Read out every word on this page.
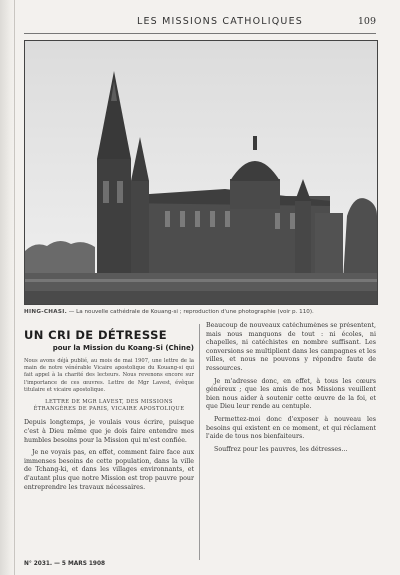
LES MISSIONS CATHOLIQUES	109
HING-CHASI. — La nouvelle cathédrale de Kouang-si ; reproduction d'une photographie (voir p. 110).
UN CRI DE DÉTRESSE
pour la Mission du Koang-Si (Chine)

Nous avons déjà publié, au mois de mai 1907, une lettre de la main de notre vénérable Vicaire apostolique du Kouang-si qui fait appel à la charité des lecteurs. Nous revenons encore sur l'importance de ces œuvres. Lettre de Mgr Lavest, évêque titulaire et vicaire apostolique.

LETTRE DE MGR LAVEST, DES MISSIONS ÉTRANGÈRES DE PARIS, VICAIRE APOSTOLIQUE

Depuis longtemps, je voulais vous écrire, puisque c'est à Dieu même que je dois faire entendre mes humbles besoins pour la Mission qui m'est confiée.

Je ne voyais pas, en effet, comment faire face aux immenses besoins de cette population, dans la ville de Tchang-ki, et dans les villages environnants, et d'autant plus que notre Mission est trop pauvre pour entreprendre les travaux nécessaires.

Beaucoup de nouveaux catéchumènes se présentent, mais nous manquons de tout : ni écoles, ni chapelles, ni catéchistes en nombre suffisant. Les conversions se multiplient dans les campagnes et les villes, et nous ne pouvons y répondre faute de ressources.

Je m'adresse donc, en effet, à tous les cœurs généreux ; que les amis de nos Missions veuillent bien nous aider à soutenir cette œuvre de la foi, et que Dieu leur rende au centuple.

Permettez-moi donc d'exposer à nouveau les besoins qui existent en ce moment, et qui réclament l'aide de tous nos bienfaiteurs.

Souffrez pour les pauvres, les détresses...

N° 2031. — 5 MARS 1908
